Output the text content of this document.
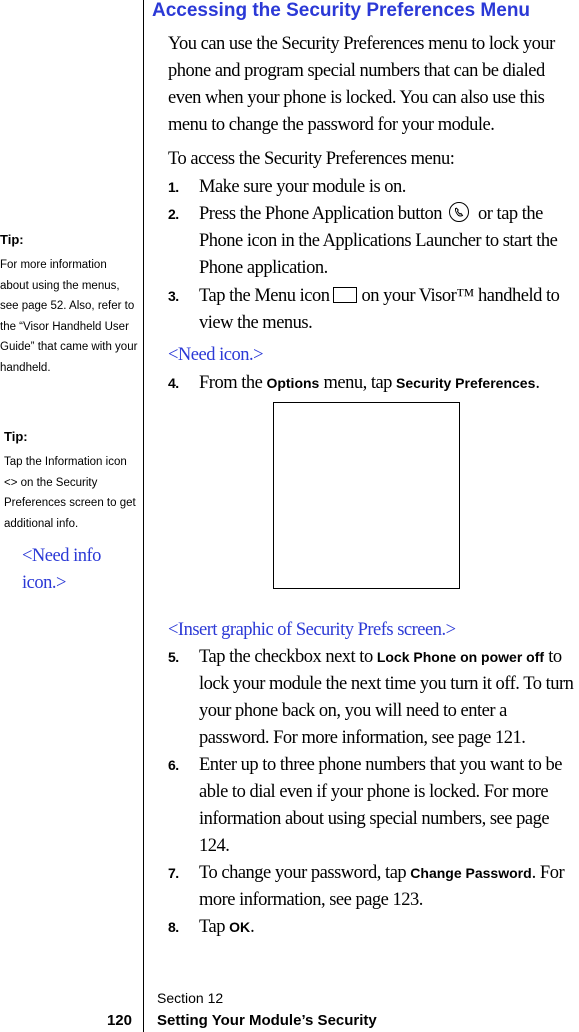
Accessing the Security Preferences Menu
You can use the Security Preferences menu to lock your phone and program special numbers that can be dialed even when your phone is locked. You can also use this menu to change the password for your module.
To access the Security Preferences menu:
1. Make sure your module is on.
2. Press the Phone Application button or tap the Phone icon in the Applications Launcher to start the Phone application.
3. Tap the Menu icon on your Visor™ handheld to view the menus.
<Need icon.>
4. From the Options menu, tap Security Preferences.
<Insert graphic of Security Prefs screen.>
5. Tap the checkbox next to Lock Phone on power off to lock your module the next time you turn it off. To turn your phone back on, you will need to enter a password. For more information, see page 121.
6. Enter up to three phone numbers that you want to be able to dial even if your phone is locked. For more information about using special numbers, see page 124.
7. To change your password, tap Change Password. For more information, see page 123.
8. Tap OK.
Tip:
For more information about using the menus, see page 52. Also, refer to the “Visor Handheld User Guide” that came with your handheld.
Tip:
Tap the Information icon <> on the Security Preferences screen to get additional info.
<Need info icon.>
Section 12
120 Setting Your Module’s Security
